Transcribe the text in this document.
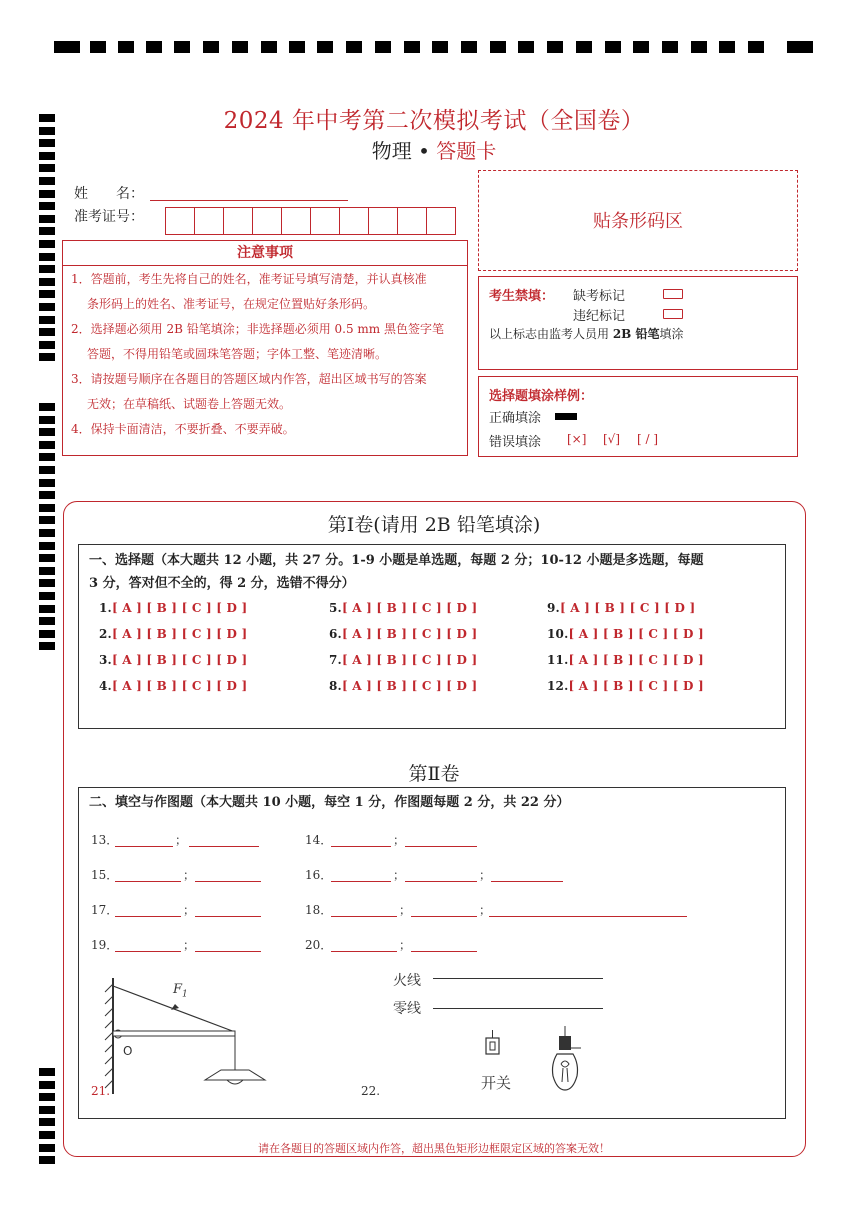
2024 年中考第二次模拟考试（全国卷）
物理 • 答题卡
姓　　名：
准考证号：	贴条形码区
注意事项

1．答题前，考生先将自己的姓名，准考证号填写清楚，并认真核准

条形码上的姓名、准考证号，在规定位置贴好条形码。

2．选择题必须用 2B 铅笔填涂；非选择题必须用 0.5 mm 黑色签字笔

答题，不得用铅笔或圆珠笔答题；字体工整、笔迹清晰。

3．请按题号顺序在各题目的答题区域内作答，超出区域书写的答案

无效；在草稿纸、试题卷上答题无效。

4．保持卡面清洁，不要折叠、不要弄破。

考生禁填： 缺考标记
违纪标记
以上标志由监考人员用 2B 铅笔填涂
选择题填涂样例：
正确填涂
错误填涂 [×] [√] [ / ]
第Ⅰ卷(请用 2B 铅笔填涂)
一、选择题（本大题共 12 小题，共 27 分。1-9 小题是单选题，每题 2 分；10-12 小题是多选题，每题
3 分，答对但不全的，得 2 分，选错不得分）
1.[ A ] [ B ] [ C ] [ D ]
2.[ A ] [ B ] [ C ] [ D ]
3.[ A ] [ B ] [ C ] [ D ]
4.[ A ] [ B ] [ C ] [ D ]
5.[ A ] [ B ] [ C ] [ D ]
6.[ A ] [ B ] [ C ] [ D ]
7.[ A ] [ B ] [ C ] [ D ]
8.[ A ] [ B ] [ C ] [ D ]
9.[ A ] [ B ] [ C ] [ D ]
10.[ A ] [ B ] [ C ] [ D ]
11.[ A ] [ B ] [ C ] [ D ]
12.[ A ] [ B ] [ C ] [ D ]
第Ⅱ卷
二、填空与作图题（本大题共 10 小题，每空 1 分，作图题每题 2 分，共 22 分）
13．	；	14．	；
15．	；	16．	；	；
17．	；	18．	；	；
19．	；	20．	；
$F_1$
O
21.	22.
火线
零线
开关
请在各题目的答题区域内作答，超出黑色矩形边框限定区域的答案无效！
